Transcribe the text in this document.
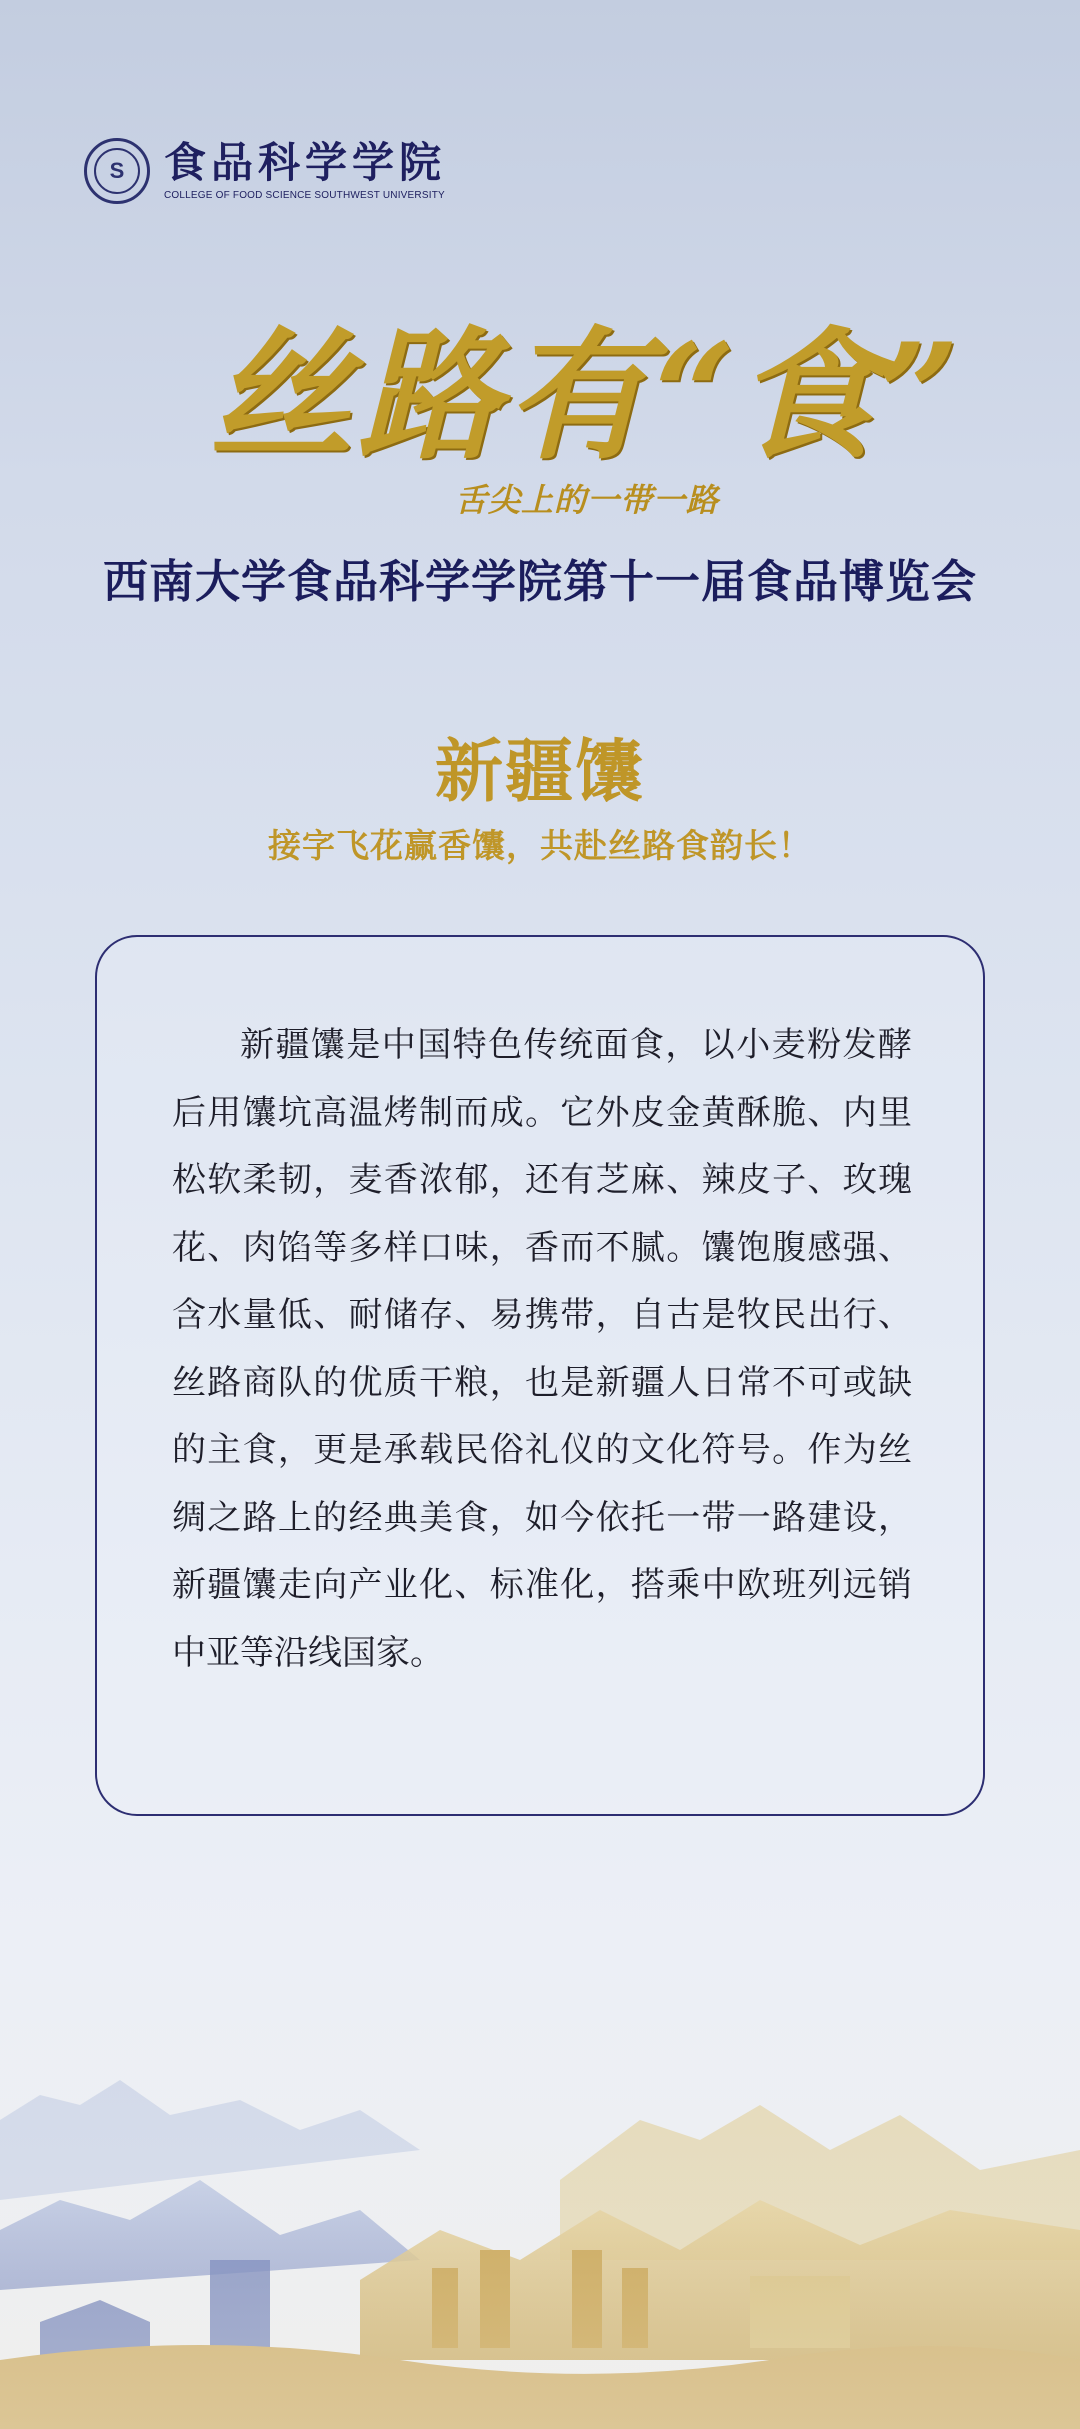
S 食品科学学院
COLLEGE OF FOOD SCIENCE SOUTHWEST UNIVERSITY
丝 路 有 “食”
舌尖上的一带一路
西南大学食品科学学院第十一届食品博览会
新疆馕
接字飞花赢香馕，共赴丝路食韵长！

新疆馕是中国特色传统面食，以小麦粉发酵后用馕坑高温烤制而成。它外皮金黄酥脆、内里松软柔韧，麦香浓郁，还有芝麻、辣皮子、玫瑰花、肉馅等多样口味，香而不腻。馕饱腹感强、含水量低、耐储存、易携带，自古是牧民出行、丝路商队的优质干粮，也是新疆人日常不可或缺的主食，更是承载民俗礼仪的文化符号。作为丝绸之路上的经典美食，如今依托一带一路建设，新疆馕走向产业化、标准化，搭乘中欧班列远销中亚等沿线国家。
